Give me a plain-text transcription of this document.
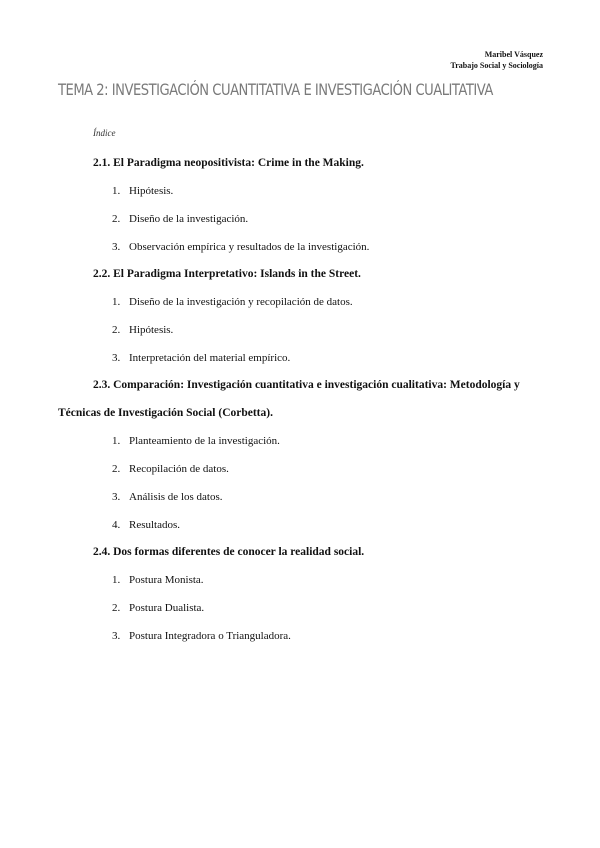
Maribel Vásquez
Trabajo Social y Sociología
TEMA 2: INVESTIGACIÓN CUANTITATIVA E INVESTIGACIÓN CUALITATIVA
Índice
2.1. El Paradigma neopositivista: Crime in the Making.
1. Hipótesis.
2. Diseño de la investigación.
3. Observación empírica y resultados de la investigación.
2.2. El Paradigma Interpretativo: Islands in the Street.
1. Diseño de la investigación y recopilación de datos.
2. Hipótesis.
3. Interpretación del material empírico.
2.3. Comparación: Investigación cuantitativa e investigación cualitativa: Metodología y
Técnicas de Investigación Social (Corbetta).
1. Planteamiento de la investigación.
2. Recopilación de datos.
3. Análisis de los datos.
4. Resultados.
2.4. Dos formas diferentes de conocer la realidad social.
1. Postura Monista.
2. Postura Dualista.
3. Postura Integradora o Trianguladora.
